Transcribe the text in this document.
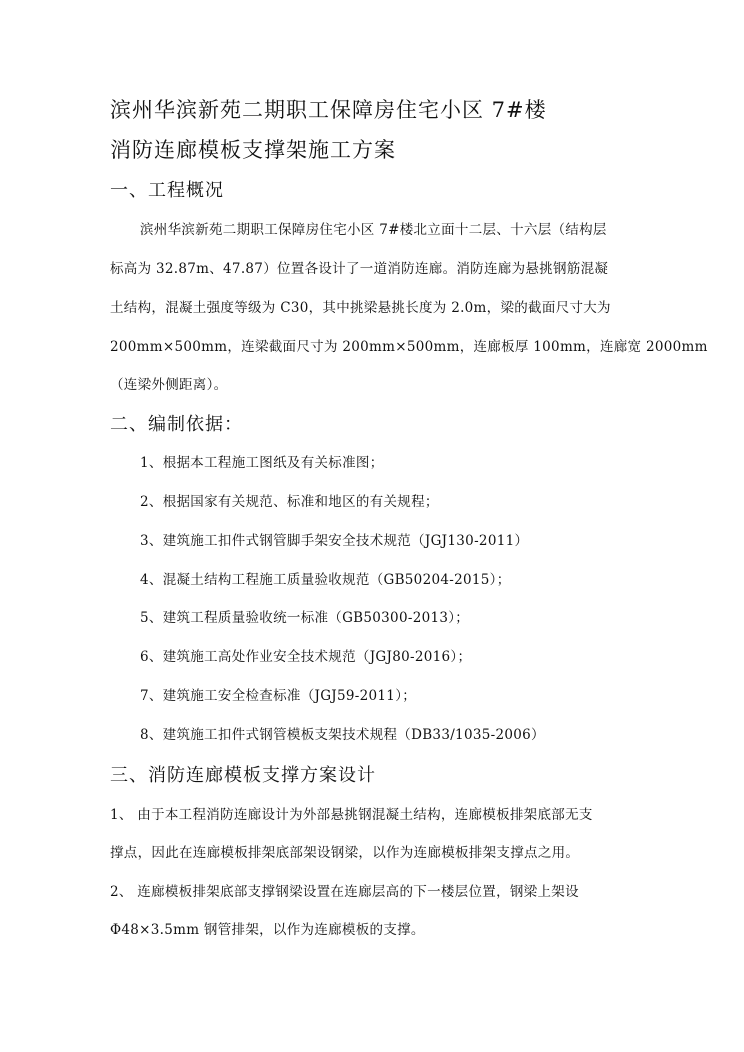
滨州华滨新苑二期职工保障房住宅小区 7#楼
消防连廊模板支撑架施工方案
一、工程概况
滨州华滨新苑二期职工保障房住宅小区 7#楼北立面十二层、十六层（结构层
标高为 32.87m、47.87）位置各设计了一道消防连廊。消防连廊为悬挑钢筋混凝
土结构，混凝土强度等级为 C30，其中挑梁悬挑长度为 2.0m，梁的截面尺寸大为
200mm×500mm，连梁截面尺寸为 200mm×500mm，连廊板厚 100mm，连廊宽 2000mm
（连梁外侧距离）。
二、编制依据：
1、根据本工程施工图纸及有关标准图；
2、根据国家有关规范、标准和地区的有关规程；
3、建筑施工扣件式钢管脚手架安全技术规范（JGJ130-2011）
4、混凝土结构工程施工质量验收规范（GB50204-2015）；
5、建筑工程质量验收统一标准（GB50300-2013）；
6、建筑施工高处作业安全技术规范（JGJ80-2016）；
7、建筑施工安全检查标准（JGJ59-2011）；
8、建筑施工扣件式钢管模板支架技术规程（DB33/1035-2006）
三、消防连廊模板支撑方案设计
1、 由于本工程消防连廊设计为外部悬挑钢混凝土结构，连廊模板排架底部无支
撑点，因此在连廊模板排架底部架设钢梁，以作为连廊模板排架支撑点之用。
2、 连廊模板排架底部支撑钢梁设置在连廊层高的下一楼层位置，钢梁上架设
Φ48×3.5mm 钢管排架，以作为连廊模板的支撑。
